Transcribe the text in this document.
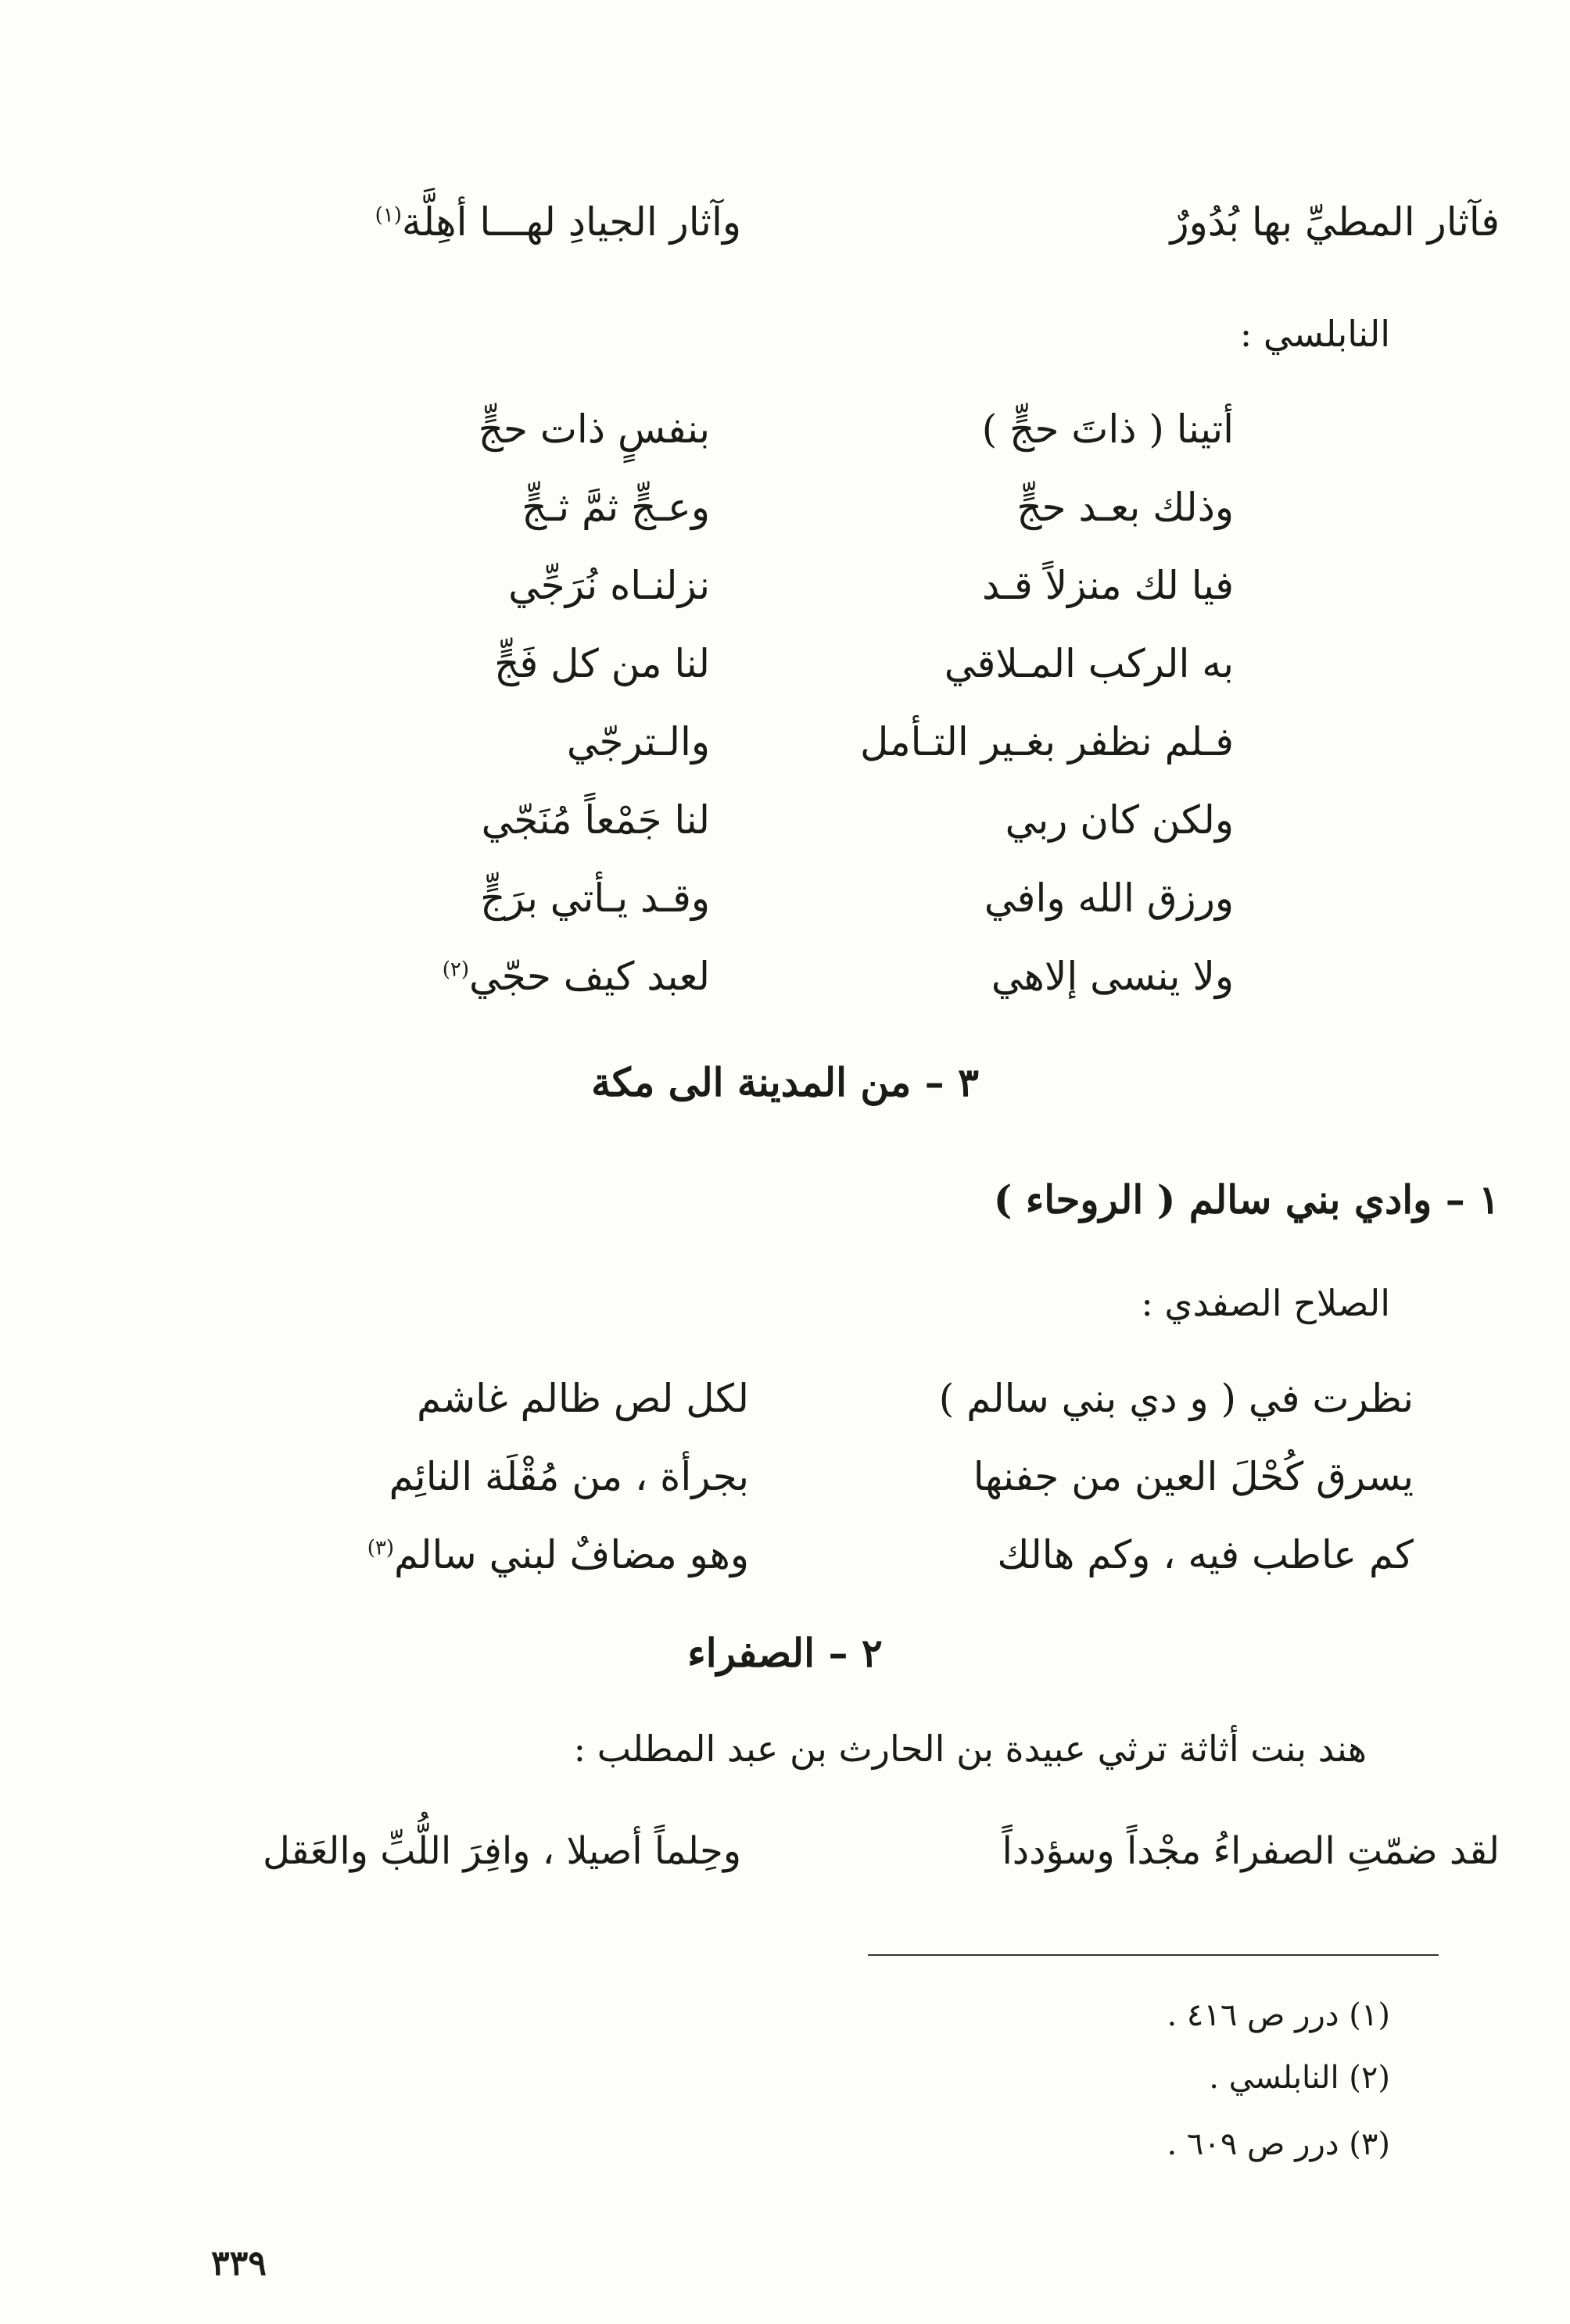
فآثار المطيِّ بها بُدُورٌ
وآثار الجيادِ لهـــا أهِلَّة$^{(١)}$
النابلسي :
أتينا ( ذاتَ حجٍّ )
بنفسٍ ذات حجٍّ
وذلك بعـد حجٍّ
وعـجٍّ ثمَّ ثـجٍّ
فيا لك منزلاً قـد
نزلنـاه نُرَجِّي
به الركب المـلاقي
لنا من كل فَجٍّ
فـلم نظفر بغـير التـأمل
والـترجّي
ولكن كان ربي
لنا جَمْعاً مُنَجّي
ورزق الله وافي
وقـد يـأتي برَجٍّ
ولا ينسى إلاهي
لعبد كيف حجّي$^{(٢)}$
٣ – من المدينة الى مكة
١ – وادي بني سالم ( الروحاء )
الصلاح الصفدي :
نظرت في ( و دي بني سالم )
لكل لص ظالم غاشم
يسرق كُحْلَ العين من جفنها
بجرأة ، من مُقْلَة النائِم
كم عاطب فيه ، وكم هالك
وهو مضافٌ لبني سالم$^{(٣)}$
٢ – الصفراء
هند بنت أثاثة ترثي عبيدة بن الحارث بن عبد المطلب :
لقد ضمّتِ الصفراءُ مجْداً وسؤدداً
وحِلماً أصيلا ، وافِرَ اللُّبِّ والعَقل
(١) درر ص ٤١٦ .
(٢) النابلسي .
(٣) درر ص ٦٠٩ .
٣٣٩
